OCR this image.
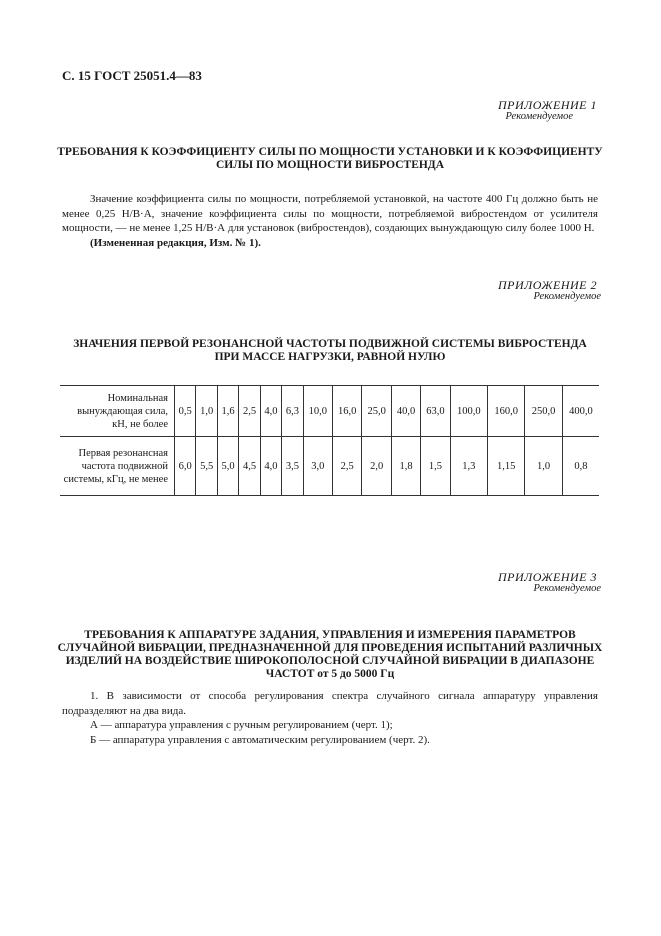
С. 15 ГОСТ 25051.4—83
ПРИЛОЖЕНИЕ 1
Рекомендуемое
ТРЕБОВАНИЯ К КОЭФФИЦИЕНТУ СИЛЫ ПО МОЩНОСТИ УСТАНОВКИ И К КОЭФФИЦИЕНТУ
СИЛЫ ПО МОЩНОСТИ ВИБРОСТЕНДА

Значение коэффициента силы по мощности, потребляемой установкой, на частоте 400 Гц должно быть не менее 0,25 Н/В·А, значение коэффициента силы по мощности, потребляемой вибростендом от усилителя мощности, — не менее 1,25 Н/В·А для установок (вибростендов), создающих вынуждающую силу более 1000 Н.

(Измененная редакция, Изм. № 1).

ПРИЛОЖЕНИЕ 2
Рекомендуемое
ЗНАЧЕНИЯ ПЕРВОЙ РЕЗОНАНСНОЙ ЧАСТОТЫ ПОДВИЖНОЙ СИСТЕМЫ ВИБРОСТЕНДА
ПРИ МАССЕ НАГРУЗКИ, РАВНОЙ НУЛЮ
Номинальная вынуждающая сила, кН, не более	0,5	1,0	1,6	2,5	4,0	6,3	10,0	16,0	25,0	40,0	63,0	100,0	160,0	250,0	400,0
Первая резонансная частота подвижной системы, кГц, не менее	6,0	5,5	5,0	4,5	4,0	3,5	3,0	2,5	2,0	1,8	1,5	1,3	1,15	1,0	0,8
ПРИЛОЖЕНИЕ 3
Рекомендуемое
ТРЕБОВАНИЯ К АППАРАТУРЕ ЗАДАНИЯ, УПРАВЛЕНИЯ И ИЗМЕРЕНИЯ ПАРАМЕТРОВ
СЛУЧАЙНОЙ ВИБРАЦИИ, ПРЕДНАЗНАЧЕННОЙ ДЛЯ ПРОВЕДЕНИЯ ИСПЫТАНИЙ РАЗЛИЧНЫХ
ИЗДЕЛИЙ НА ВОЗДЕЙСТВИЕ ШИРОКОПОЛОСНОЙ СЛУЧАЙНОЙ ВИБРАЦИИ В ДИАПАЗОНЕ
ЧАСТОТ от 5 до 5000 Гц

1. В зависимости от способа регулирования спектра случайного сигнала аппаратуру управления подразделяют на два вида.

А — аппаратура управления с ручным регулированием (черт. 1);

Б — аппаратура управления с автоматическим регулированием (черт. 2).
